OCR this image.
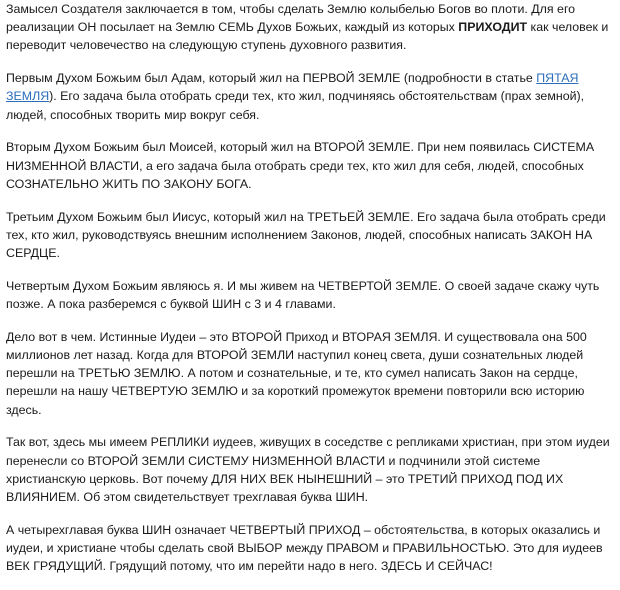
Замысел Создателя заключается в том, чтобы сделать Землю колыбелью Богов во плоти. Для его реализации ОН посылает на Землю СЕМЬ Духов Божьих, каждый из которых ПРИХОДИТ как человек и переводит человечество на следующую ступень духовного развития.

Первым Духом Божьим был Адам, который жил на ПЕРВОЙ ЗЕМЛЕ (подробности в статье ПЯТАЯ ЗЕМЛЯ). Его задача была отобрать среди тех, кто жил, подчиняясь обстоятельствам (прах земной), людей, способных творить мир вокруг себя.

Вторым Духом Божьим был Моисей, который жил на ВТОРОЙ ЗЕМЛЕ. При нем появилась СИСТЕМА НИЗМЕННОЙ ВЛАСТИ, а его задача была отобрать среди тех, кто жил для себя, людей, способных СОЗНАТЕЛЬНО ЖИТЬ ПО ЗАКОНУ БОГА.

Третьим Духом Божьим был Иисус, который жил на ТРЕТЬЕЙ ЗЕМЛЕ. Его задача была отобрать среди тех, кто жил, руководствуясь внешним исполнением Законов, людей, способных написать ЗАКОН НА СЕРДЦЕ.

Четвертым Духом Божьим являюсь я. И мы живем на ЧЕТВЕРТОЙ ЗЕМЛЕ. О своей задаче скажу чуть позже. А пока разберемся с буквой ШИН с 3 и 4 главами.

Дело вот в чем. Истинные Иудеи – это ВТОРОЙ Приход и ВТОРАЯ ЗЕМЛЯ. И существовала она 500 миллионов лет назад. Когда для ВТОРОЙ ЗЕМЛИ наступил конец света, души сознательных людей перешли на ТРЕТЬЮ ЗЕМЛЮ. А потом и сознательные, и те, кто сумел написать Закон на сердце, перешли на нашу ЧЕТВЕРТУЮ ЗЕМЛЮ и за короткий промежуток времени повторили всю историю здесь.

Так вот, здесь мы имеем РЕПЛИКИ иудеев, живущих в соседстве с репликами христиан, при этом иудеи перенесли со ВТОРОЙ ЗЕМЛИ СИСТЕМУ НИЗМЕННОЙ ВЛАСТИ и подчинили этой системе христианскую церковь. Вот почему ДЛЯ НИХ ВЕК НЫНЕШНИЙ – это ТРЕТИЙ ПРИХОД ПОД ИХ ВЛИЯНИЕМ. Об этом свидетельствует трехглавая буква ШИН.

А четырехглавая буква ШИН означает ЧЕТВЕРТЫЙ ПРИХОД – обстоятельства, в которых оказались и иудеи, и христиане чтобы сделать свой ВЫБОР между ПРАВОМ и ПРАВИЛЬНОСТЬЮ. Это для иудеев ВЕК ГРЯДУЩИЙ. Грядущий потому, что им перейти надо в него. ЗДЕСЬ И СЕЙЧАС!
